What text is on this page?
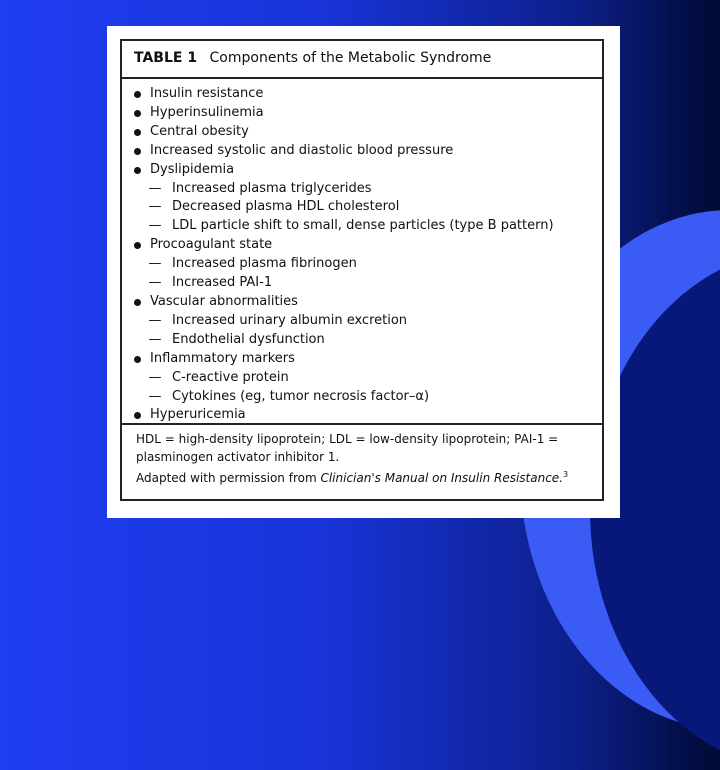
TABLE 1 Components of the Metabolic Syndrome
Insulin resistance
Hyperinsulinemia
Central obesity
Increased systolic and diastolic blood pressure
Dyslipidemia
— Increased plasma triglycerides
— Decreased plasma HDL cholesterol
— LDL particle shift to small, dense particles (type B pattern)
Procoagulant state
— Increased plasma fibrinogen
— Increased PAI-1
Vascular abnormalities
— Increased urinary albumin excretion
— Endothelial dysfunction
Inflammatory markers
— C-reactive protein
— Cytokines (eg, tumor necrosis factor–α)
Hyperuricemia

HDL = high-density lipoprotein; LDL = low-density lipoprotein; PAI-1 =

plasminogen activator inhibitor 1.

Adapted with permission from Clinician's Manual on Insulin Resistance.$^3$
